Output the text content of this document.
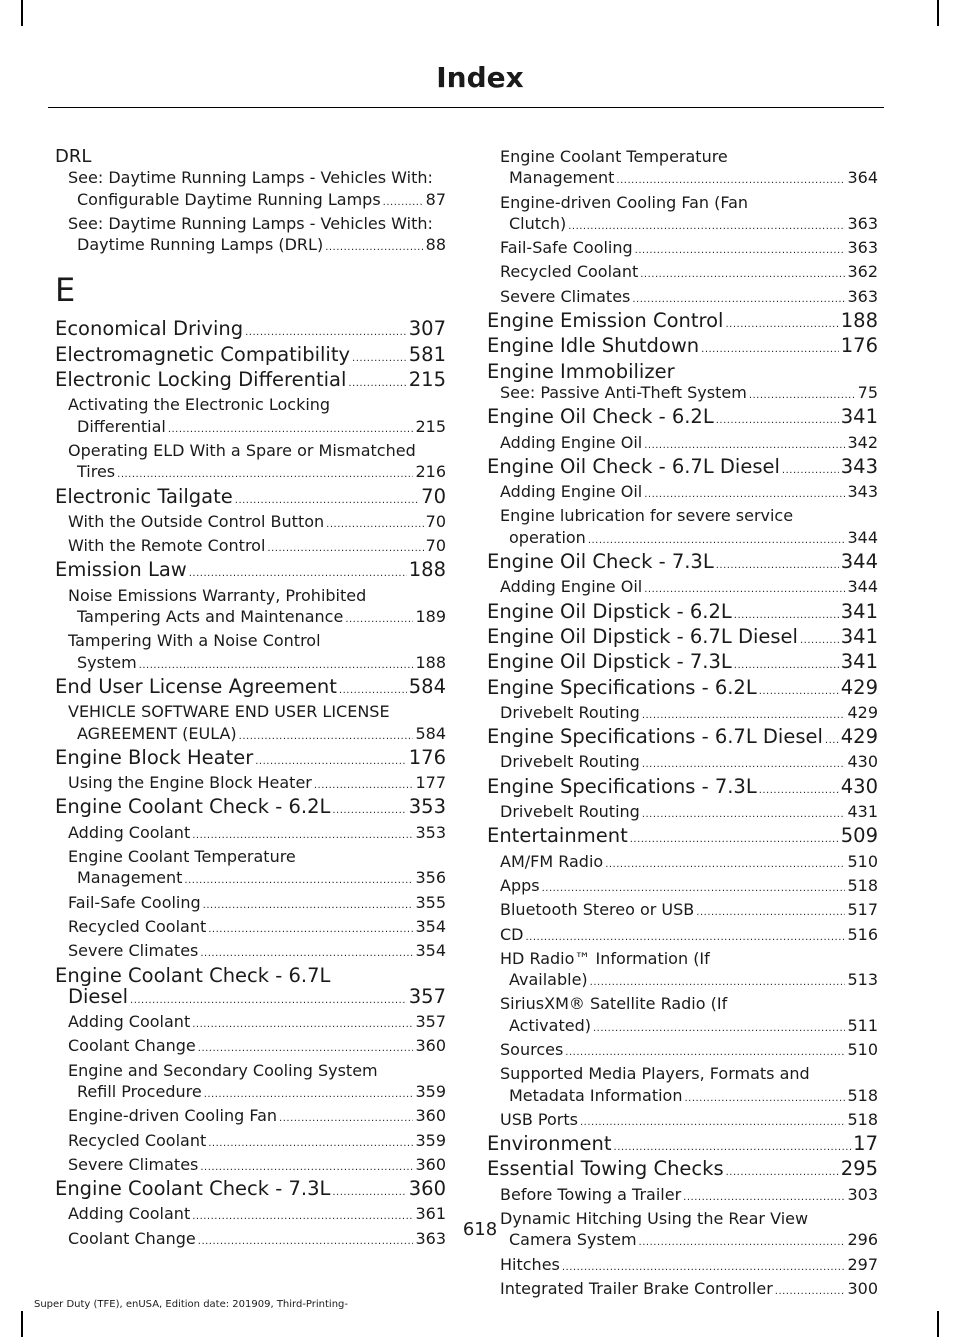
Index
DRL
See: Daytime Running Lamps - Vehicles With:
Configurable Daytime Running Lamps .....	87
See: Daytime Running Lamps - Vehicles With:
Daytime Running Lamps (DRL) .....	88
E
Economical Driving .....	307
Electromagnetic Compatibility .....	581
Electronic Locking Differential .....	215
Activating the Electronic Locking
Differential .....	215
Operating ELD With a Spare or Mismatched
Tires .....	216
Electronic Tailgate .....	70
With the Outside Control Button .....	70
With the Remote Control .....	70
Emission Law .....	188
Noise Emissions Warranty, Prohibited
Tampering Acts and Maintenance .....	189
Tampering With a Noise Control
System .....	188
End User License Agreement .....	584
VEHICLE SOFTWARE END USER LICENSE
AGREEMENT (EULA) .....	584
Engine Block Heater .....	176
Using the Engine Block Heater .....	177
Engine Coolant Check - 6.2L .....	353
Adding Coolant .....	353
Engine Coolant Temperature
Management .....	356
Fail-Safe Cooling .....	355
Recycled Coolant .....	354
Severe Climates .....	354
Engine Coolant Check - 6.7L
Diesel .....	357
Adding Coolant .....	357
Coolant Change .....	360
Engine and Secondary Cooling System
Refill Procedure .....	359
Engine-driven Cooling Fan .....	360
Recycled Coolant .....	359
Severe Climates .....	360
Engine Coolant Check - 7.3L .....	360
Adding Coolant .....	361
Coolant Change .....	363
Engine Coolant Temperature
Management .....	364
Engine-driven Cooling Fan (Fan
Clutch) .....	363
Fail-Safe Cooling .....	363
Recycled Coolant .....	362
Severe Climates .....	363
Engine Emission Control .....	188
Engine Idle Shutdown .....	176
Engine Immobilizer
See: Passive Anti-Theft System .....	75
Engine Oil Check - 6.2L .....	341
Adding Engine Oil .....	342
Engine Oil Check - 6.7L Diesel .....	343
Adding Engine Oil .....	343
Engine lubrication for severe service
operation .....	344
Engine Oil Check - 7.3L .....	344
Adding Engine Oil .....	344
Engine Oil Dipstick - 6.2L .....	341
Engine Oil Dipstick - 6.7L Diesel ..... 341
Engine Oil Dipstick - 7.3L .....	341
Engine Specifications - 6.2L .....	429
Drivebelt Routing .....	429
Engine Specifications - 6.7L Diesel ..... 429
Drivebelt Routing .....	430
Engine Specifications - 7.3L .....	430
Drivebelt Routing .....	431
Entertainment .....	509
AM/FM Radio .....	510
Apps .....	518
Bluetooth Stereo or USB .....	517
CD .....	516
HD Radio™ Information (If
Available) .....	513
SiriusXM® Satellite Radio (If
Activated) .....	511
Sources .....	510
Supported Media Players, Formats and
Metadata Information .....	518
USB Ports .....	518
Environment .....	17
Essential Towing Checks .....	295
Before Towing a Trailer .....	303
Dynamic Hitching Using the Rear View
Camera System .....	296
Hitches .....	297
Integrated Trailer Brake Controller .....	300
618
Super Duty (TFE), enUSA, Edition date: 201909, Third-Printing-
